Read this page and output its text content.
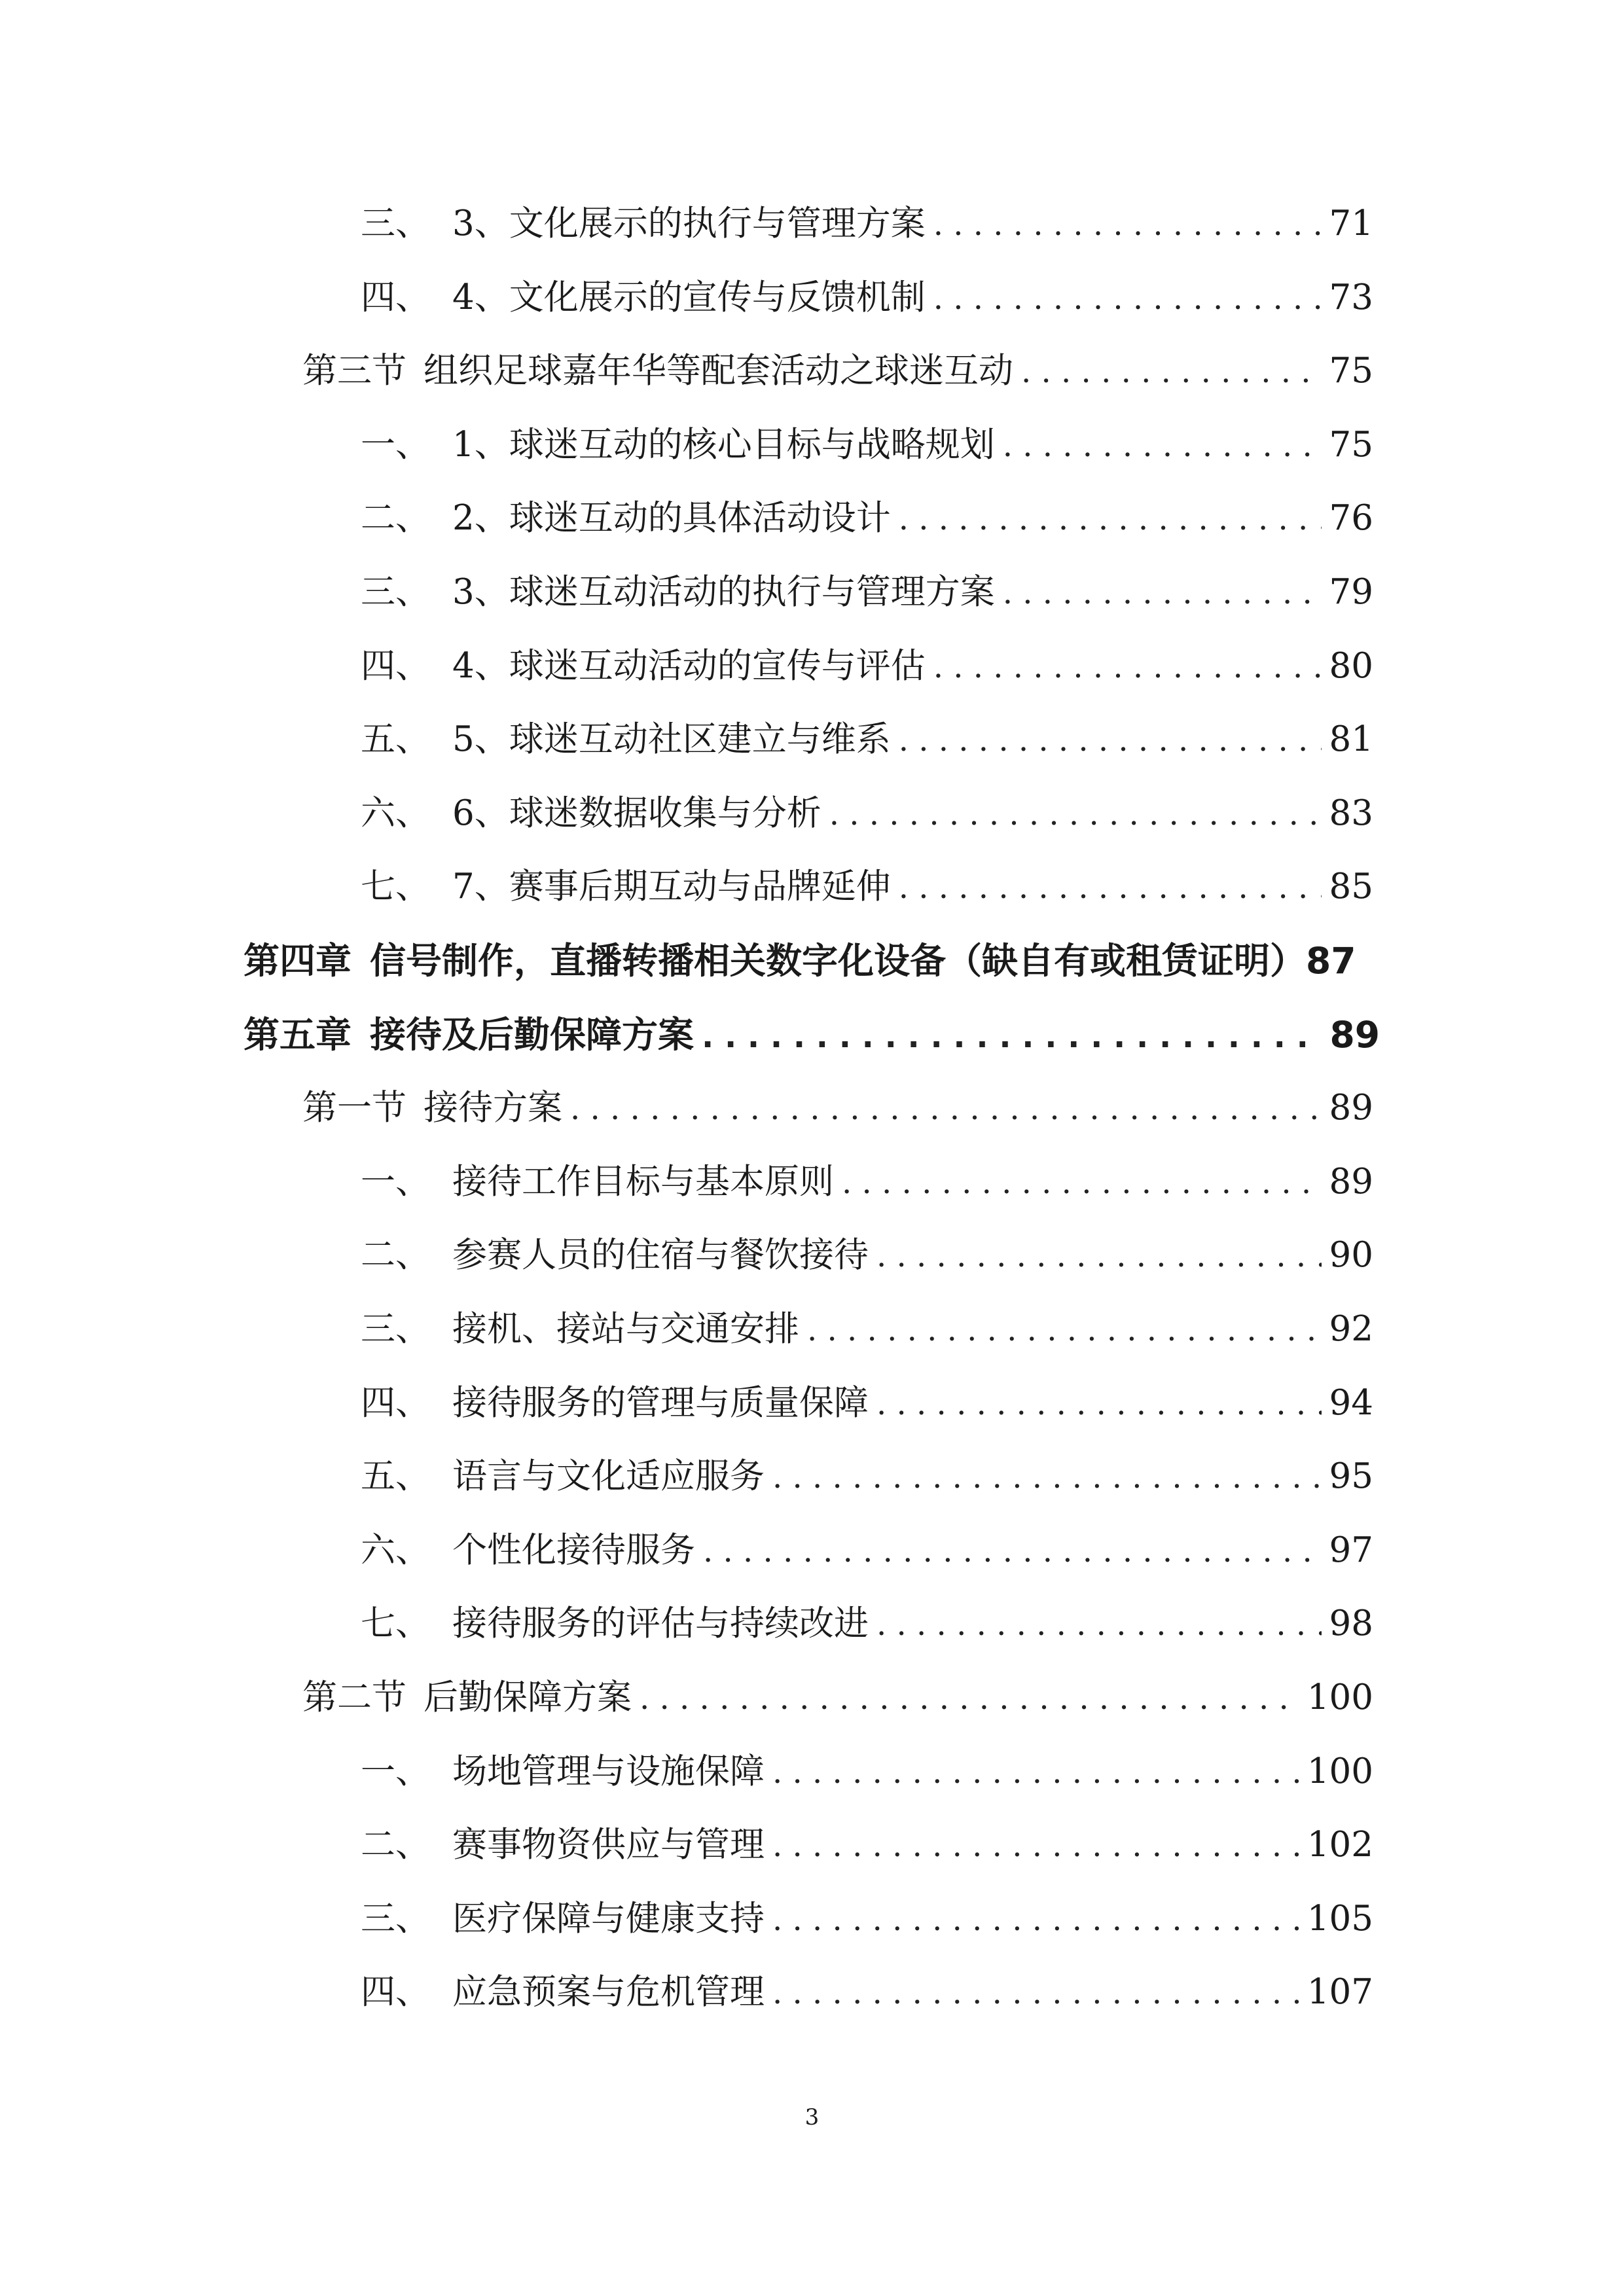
三、 3、文化展示的执行与管理方案 . . .	71
四、 4、文化展示的宣传与反馈机制 . . .	73
第三节 组织足球嘉年华等配套活动之球迷互动 . . .	75
一、 1、球迷互动的核心目标与战略规划 . . .	75
二、 2、球迷互动的具体活动设计 . . .	76
三、 3、球迷互动活动的执行与管理方案 . . .	79
四、 4、球迷互动活动的宣传与评估 . . .	80
五、 5、球迷互动社区建立与维系 . . .	81
六、 6、球迷数据收集与分析 . . .	83
七、 7、赛事后期互动与品牌延伸 . . .	85
第四章 信号制作，直播转播相关数字化设备（缺自有或租赁证明） 87
第五章 接待及后勤保障方案 . . .	89
第一节 接待方案 . . .	89
一、 接待工作目标与基本原则 . . .	89
二、 参赛人员的住宿与餐饮接待 . . .	90
三、 接机、接站与交通安排 . . .	92
四、 接待服务的管理与质量保障 . . .	94
五、 语言与文化适应服务 . . .	95
六、 个性化接待服务 . . .	97
七、 接待服务的评估与持续改进 . . .	98
第二节 后勤保障方案 . . .	100
一、 场地管理与设施保障 . . .	100
二、 赛事物资供应与管理 . . .	102
三、 医疗保障与健康支持 . . .	105
四、 应急预案与危机管理 . . .	107
3
